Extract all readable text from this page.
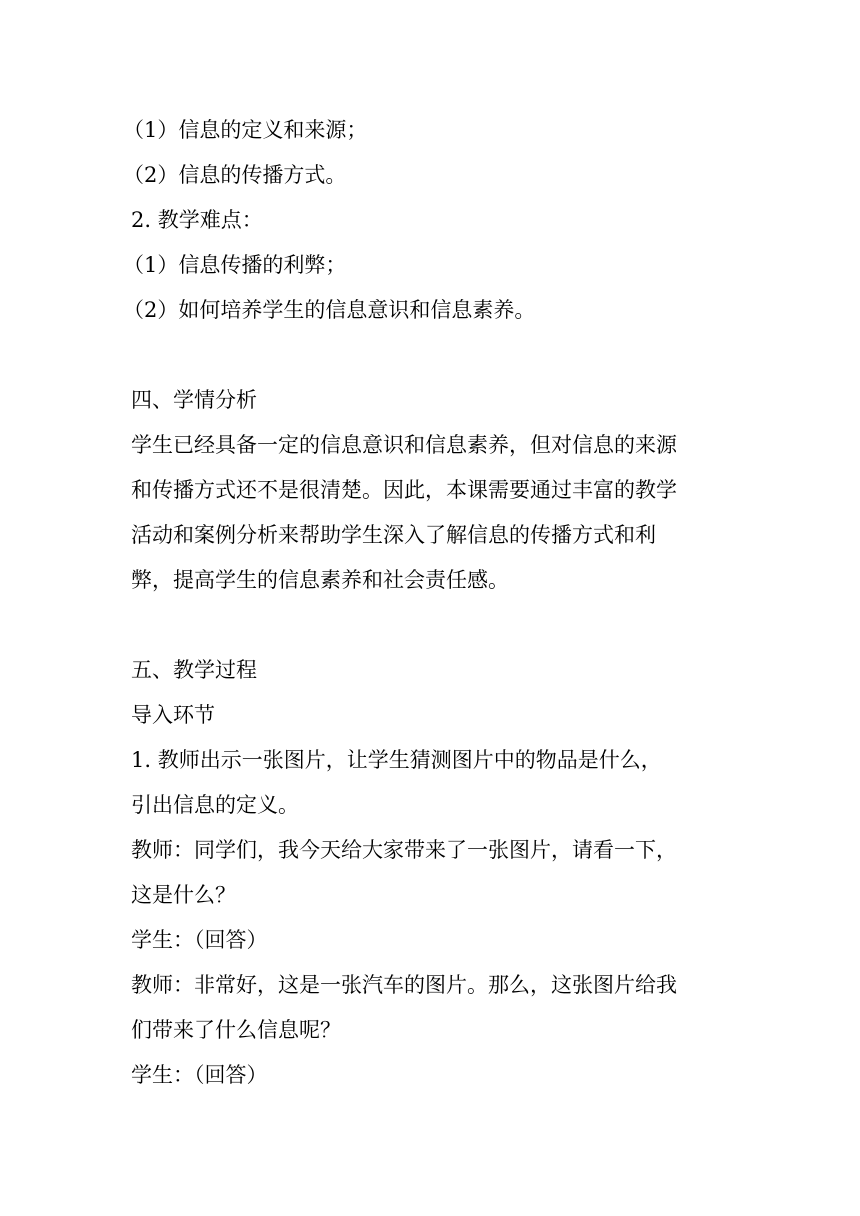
（1）信息的定义和来源；
（2）信息的传播方式。
2. 教学难点：
（1）信息传播的利弊；
（2）如何培养学生的信息意识和信息素养。
四、学情分析
学生已经具备一定的信息意识和信息素养，但对信息的来源
和传播方式还不是很清楚。因此，本课需要通过丰富的教学
活动和案例分析来帮助学生深入了解信息的传播方式和利
弊，提高学生的信息素养和社会责任感。
五、教学过程
导入环节
1. 教师出示一张图片，让学生猜测图片中的物品是什么，
引出信息的定义。
教师：同学们，我今天给大家带来了一张图片，请看一下，
这是什么？
学生：（回答）
教师：非常好，这是一张汽车的图片。那么，这张图片给我
们带来了什么信息呢？
学生：（回答）
